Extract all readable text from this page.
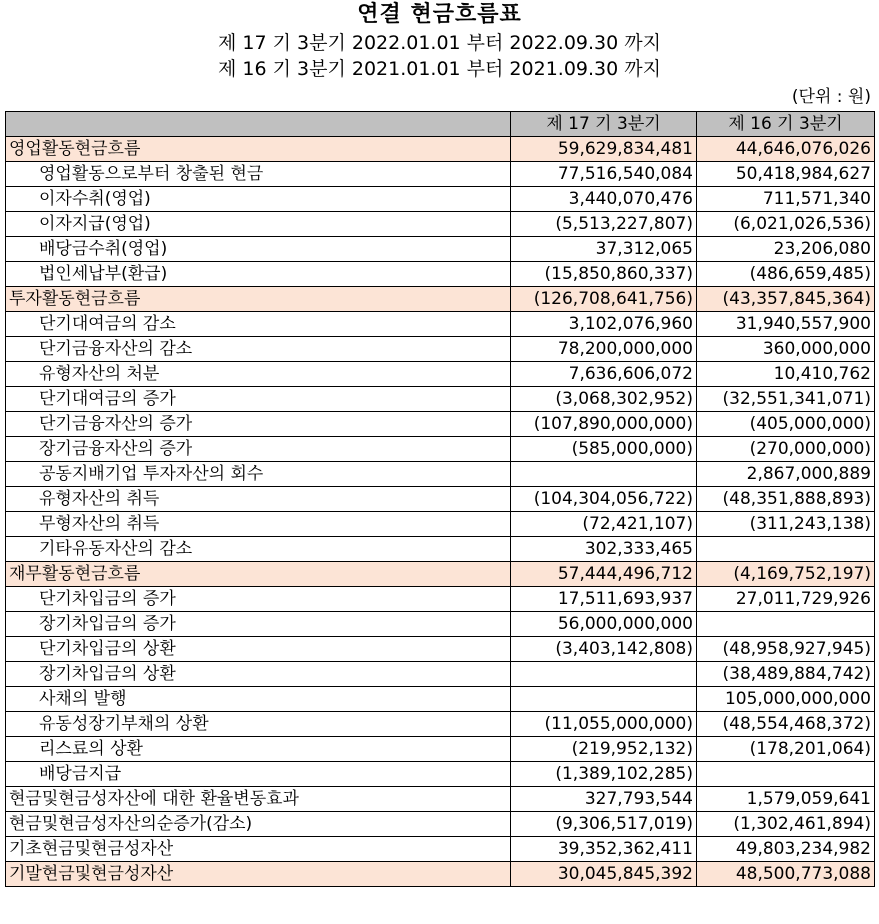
연결 현금흐름표
제 17 기 3분기 2022.01.01 부터 2022.09.30 까지
제 16 기 3분기 2021.01.01 부터 2021.09.30 까지
(단위 : 원)
	제 17 기 3분기	제 16 기 3분기
영업활동현금흐름	59,629,834,481	44,646,076,026
영업활동으로부터 창출된 현금	77,516,540,084	50,418,984,627
이자수취(영업)	3,440,070,476	711,571,340
이자지급(영업)	(5,513,227,807)	(6,021,026,536)
배당금수취(영업)	37,312,065	23,206,080
법인세납부(환급)	(15,850,860,337)	(486,659,485)
투자활동현금흐름	(126,708,641,756)	(43,357,845,364)
단기대여금의 감소	3,102,076,960	31,940,557,900
단기금융자산의 감소	78,200,000,000	360,000,000
유형자산의 처분	7,636,606,072	10,410,762
단기대여금의 증가	(3,068,302,952)	(32,551,341,071)
단기금융자산의 증가	(107,890,000,000)	(405,000,000)
장기금융자산의 증가	(585,000,000)	(270,000,000)
공동지배기업 투자자산의 회수		2,867,000,889
유형자산의 취득	(104,304,056,722)	(48,351,888,893)
무형자산의 취득	(72,421,107)	(311,243,138)
기타유동자산의 감소	302,333,465	
재무활동현금흐름	57,444,496,712	(4,169,752,197)
단기차입금의 증가	17,511,693,937	27,011,729,926
장기차입금의 증가	56,000,000,000	
단기차입금의 상환	(3,403,142,808)	(48,958,927,945)
장기차입금의 상환		(38,489,884,742)
사채의 발행		105,000,000,000
유동성장기부채의 상환	(11,055,000,000)	(48,554,468,372)
리스료의 상환	(219,952,132)	(178,201,064)
배당금지급	(1,389,102,285)	
현금및현금성자산에 대한 환율변동효과	327,793,544	1,579,059,641
현금및현금성자산의순증가(감소)	(9,306,517,019)	(1,302,461,894)
기초현금및현금성자산	39,352,362,411	49,803,234,982
기말현금및현금성자산	30,045,845,392	48,500,773,088
